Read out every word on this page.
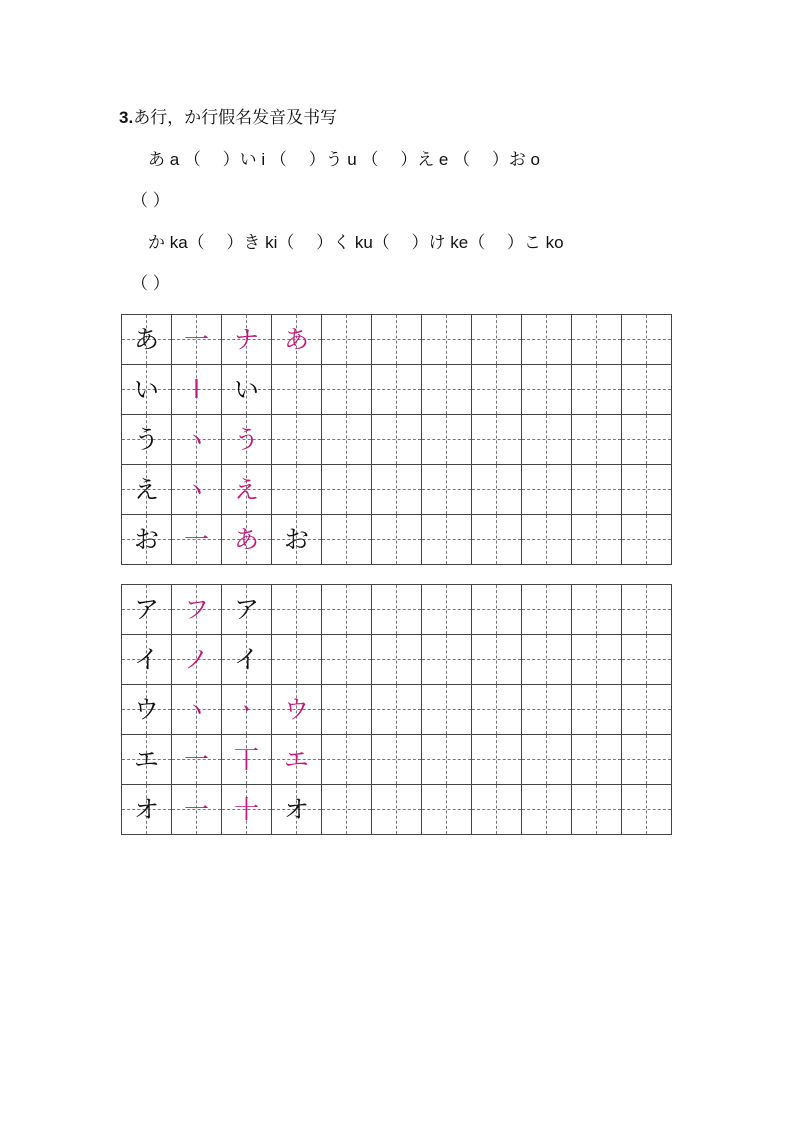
3.あ行，か行假名发音及书写
　あ a （　 ）い i （　 ）う u （　 ）え e （　 ）お o
（ ）
　か ka（　 ）き ki（　 ）く ku（　 ）け ke（　 ）こ ko
（ ）
あ 一 ナ あ
い l い
う ヽ う
え ヽ え
お 一 あ お
ア フ ア
イ ノ イ
ウ ヽ ㆍ ウ
エ 一 丅 エ
オ 一 十 オ
